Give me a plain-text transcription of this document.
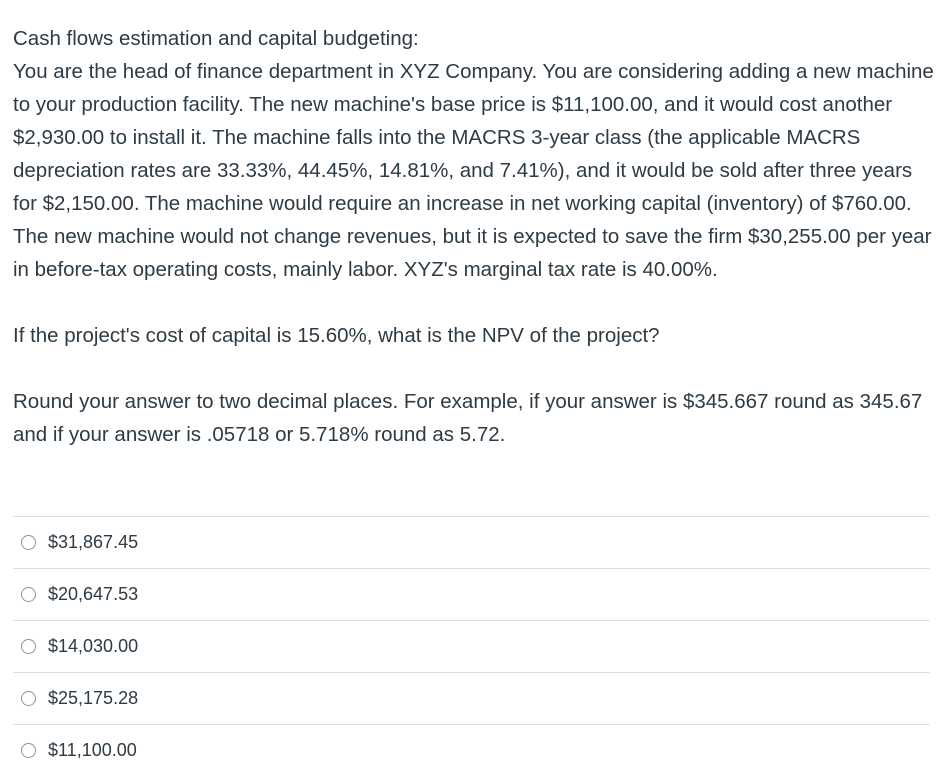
Cash flows estimation and capital budgeting:

You are the head of finance department in XYZ Company. You are considering adding a new machine to your production facility. The new machine's base price is $11,100.00, and it would cost another $2,930.00 to install it. The machine falls into the MACRS 3-year class (the applicable MACRS depreciation rates are 33.33%, 44.45%, 14.81%, and 7.41%), and it would be sold after three years for $2,150.00. The machine would require an increase in net working capital (inventory) of $760.00. The new machine would not change revenues, but it is expected to save the firm $30,255.00 per year in before-tax operating costs, mainly labor. XYZ's marginal tax rate is 40.00%.

If the project's cost of capital is 15.60%, what is the NPV of the project?

Round your answer to two decimal places. For example, if your answer is $345.667 round as 345.67 and if your answer is .05718 or 5.718% round as 5.72.

$31,867.45
$20,647.53
$14,030.00
$25,175.28
$11,100.00
